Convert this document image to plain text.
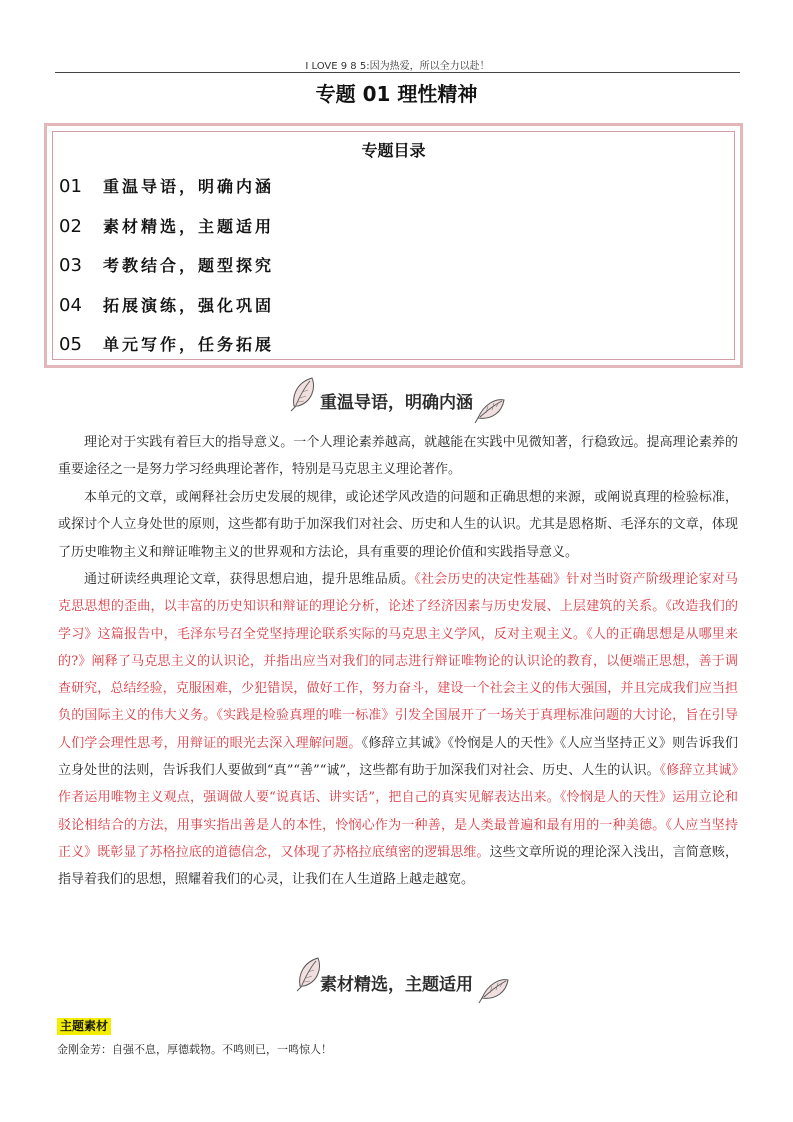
I LOVE 9 8 5:因为热爱，所以全力以赴！
专题 01 理性精神
专题目录
01 重温导语，明确内涵
02 素材精选，主题适用
03 考教结合，题型探究
04 拓展演练，强化巩固
05 单元写作，任务拓展
重温导语，明确内涵
理论对于实践有着巨大的指导意义。一个人理论素养越高，就越能在实践中见微知著，行稳致远。提高理论素养的重要途径之一是努力学习经典理论著作，特别是马克思主义理论著作。
本单元的文章，或阐释社会历史发展的规律，或论述学风改造的问题和正确思想的来源，或阐说真理的检验标准，或探讨个人立身处世的原则，这些都有助于加深我们对社会、历史和人生的认识。尤其是恩格斯、毛泽东的文章，体现了历史唯物主义和辩证唯物主义的世界观和方法论，具有重要的理论价值和实践指导意义。
通过研读经典理论文章，获得思想启迪，提升思维品质。《社会历史的决定性基础》针对当时资产阶级理论家对马克思思想的歪曲，以丰富的历史知识和辩证的理论分析，论述了经济因素与历史发展、上层建筑的关系。《改造我们的学习》这篇报告中，毛泽东号召全党坚持理论联系实际的马克思主义学风，反对主观主义。《人的正确思想是从哪里来的?》阐释了马克思主义的认识论，并指出应当对我们的同志进行辩证唯物论的认识论的教育，以便端正思想，善于调查研究，总结经验，克服困难，少犯错误，做好工作，努力奋斗，建设一个社会主义的伟大强国，并且完成我们应当担负的国际主义的伟大义务。《实践是检验真理的唯一标准》引发全国展开了一场关于真理标准问题的大讨论，旨在引导人们学会理性思考，用辩证的眼光去深入理解问题。《修辞立其诚》《怜悯是人的天性》《人应当坚持正义》则告诉我们立身处世的法则，告诉我们人要做到“真”“善”“诚”，这些都有助于加深我们对社会、历史、人生的认识。《修辞立其诚》作者运用唯物主义观点，强调做人要“说真话、讲实话”，把自己的真实见解表达出来。《怜悯是人的天性》运用立论和驳论相结合的方法，用事实指出善是人的本性，怜悯心作为一种善，是人类最普遍和最有用的一种美德。《人应当坚持正义》既彰显了苏格拉底的道德信念，又体现了苏格拉底缜密的逻辑思维。这些文章所说的理论深入浅出，言简意赅，指导着我们的思想，照耀着我们的心灵，让我们在人生道路上越走越宽。
素材精选，主题适用
主题素材
金刚金芳：自强不息，厚德载物。不鸣则已，一鸣惊人！
